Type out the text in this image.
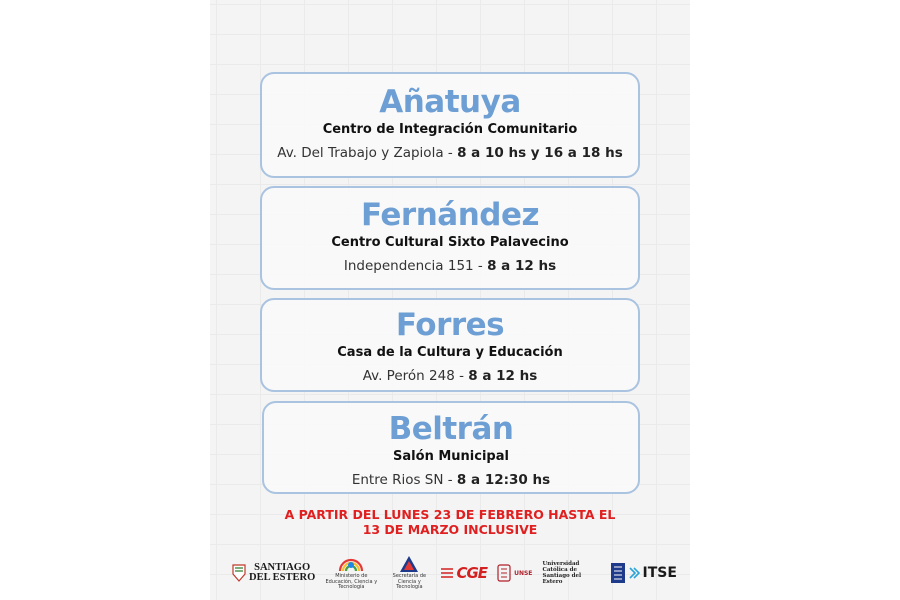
Añatuya
Centro de Integración Comunitario
Av. Del Trabajo y Zapiola - 8 a 10 hs y 16 a 18 hs
Fernández
Centro Cultural Sixto Palavecino
Independencia 151 - 8 a 12 hs
Forres
Casa de la Cultura y Educación
Av. Perón 248 - 8 a 12 hs
Beltrán
Salón Municipal
Entre Rios SN - 8 a 12:30 hs
A PARTIR DEL LUNES 23 DE FEBRERO HASTA EL
13 DE MARZO INCLUSIVE
SANTIAGO
DEL ESTERO	Ministerio de Educación, Ciencia y Tecnología
Secretaría de Ciencia y Tecnología
CGE	UNSE
Universidad Católica de Santiago del Estero
ITSE
